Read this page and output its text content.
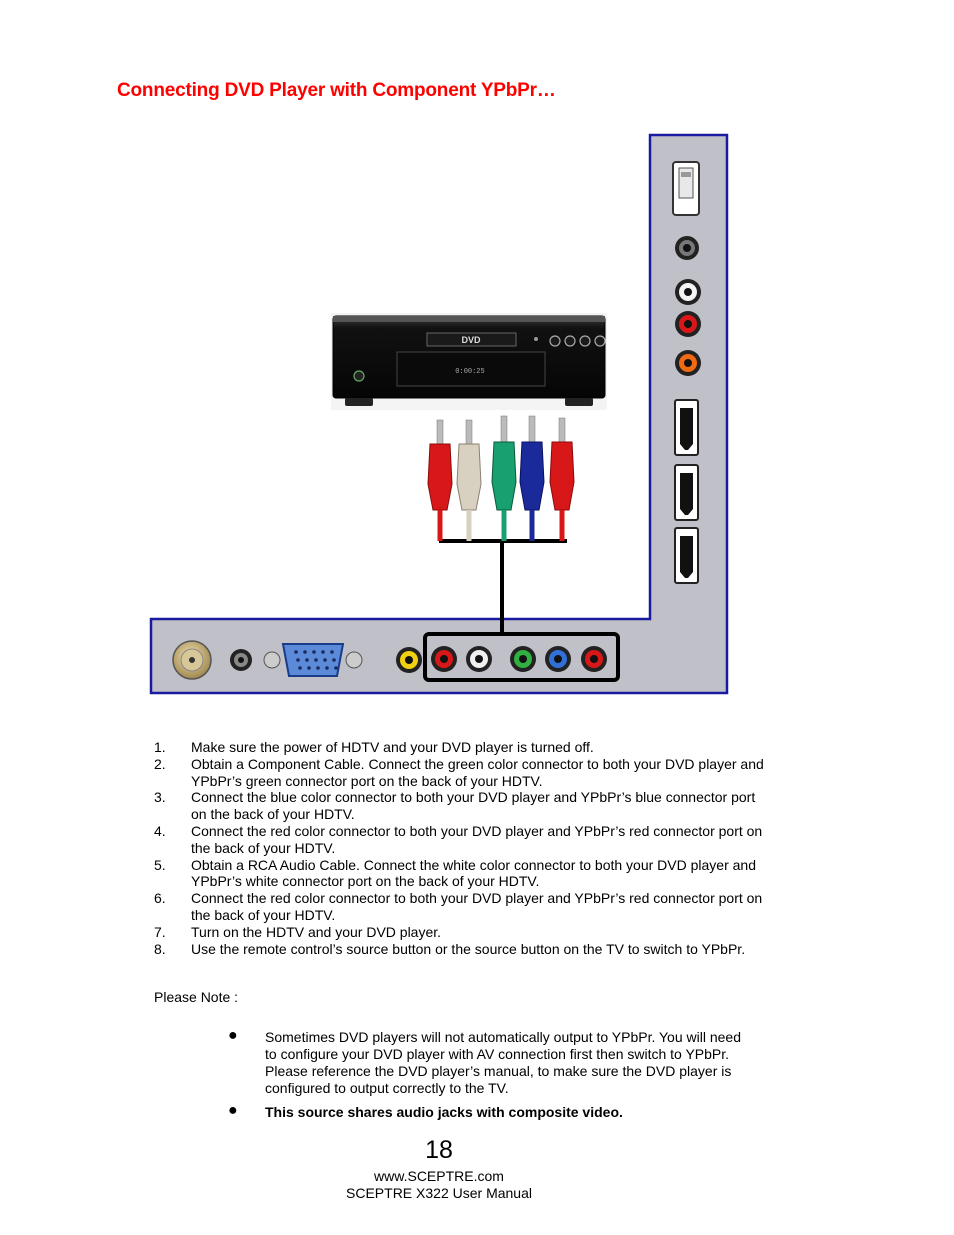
Connecting DVD Player with Component YPbPr…
DVD
0:00:25
1. Make sure the power of HDTV and your DVD player is turned off.
2. Obtain a Component Cable. Connect the green color connector to both your DVD player and YPbPr’s green connector port on the back of your HDTV.
3. Connect the blue color connector to both your DVD player and YPbPr’s blue connector port on the back of your HDTV.
4. Connect the red color connector to both your DVD player and YPbPr’s red connector port on the back of your HDTV.
5. Obtain a RCA Audio Cable. Connect the white color connector to both your DVD player and YPbPr’s white connector port on the back of your HDTV.
6. Connect the red color connector to both your DVD player and YPbPr’s red connector port on the back of your HDTV.
7. Turn on the HDTV and your DVD player.
8. Use the remote control’s source button or the source button on the TV to switch to YPbPr.
Please Note :
● Sometimes DVD players will not automatically output to YPbPr. You will need to configure your DVD player with AV connection first then switch to YPbPr. Please reference the DVD player’s manual, to make sure the DVD player is configured to output correctly to the TV.
● This source shares audio jacks with composite video.
18
www.SCEPTRE.com
SCEPTRE X322 User Manual
